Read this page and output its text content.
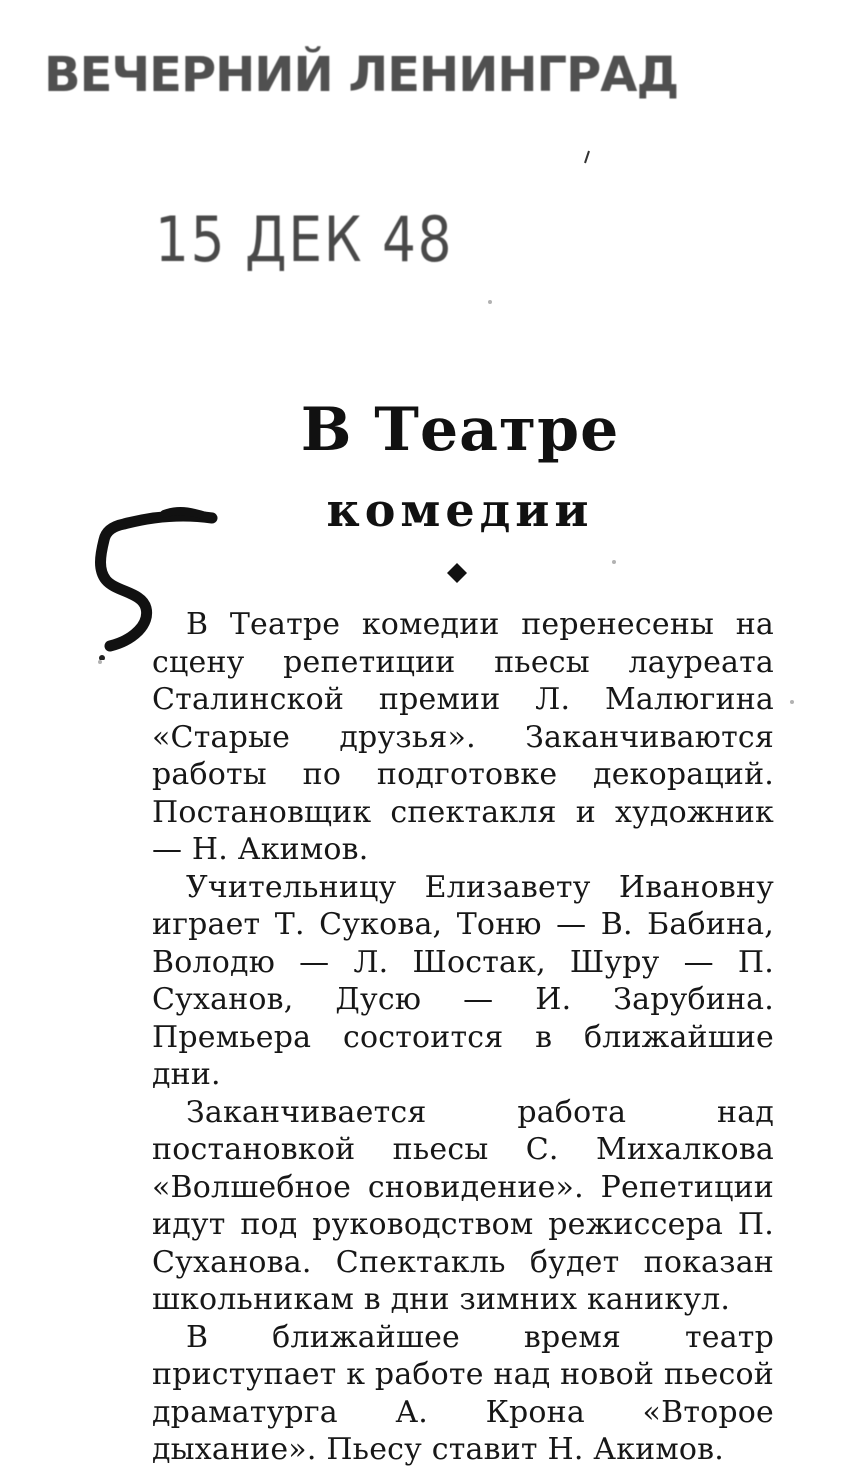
ВЕЧЕРНИЙ ЛЕНИНГРАД
15 ДЕК 48
В Театре
комедии

В Театре комедии перенесены на сцену репетиции пьесы лауреата Сталинской премии Л. Малюгина «Старые друзья». Заканчиваются работы по подготовке декораций. Постановщик спектакля и художник — Н. Акимов.

Учительницу Елизавету Ивановну играет Т. Сукова, Тоню — В. Бабина, Володю — Л. Шостак, Шуру — П. Суханов, Дусю — И. Зарубина. Премьера состоится в ближайшие дни.

Заканчивается работа над постановкой пьесы С. Михалкова «Волшебное сновидение». Репетиции идут под руководством режиссера П. Суханова. Спектакль будет показан школьникам в дни зимних каникул.

В ближайшее время театр приступает к работе над новой пьесой драматурга А. Крона «Второе дыхание». Пьесу ставит Н. Акимов.
